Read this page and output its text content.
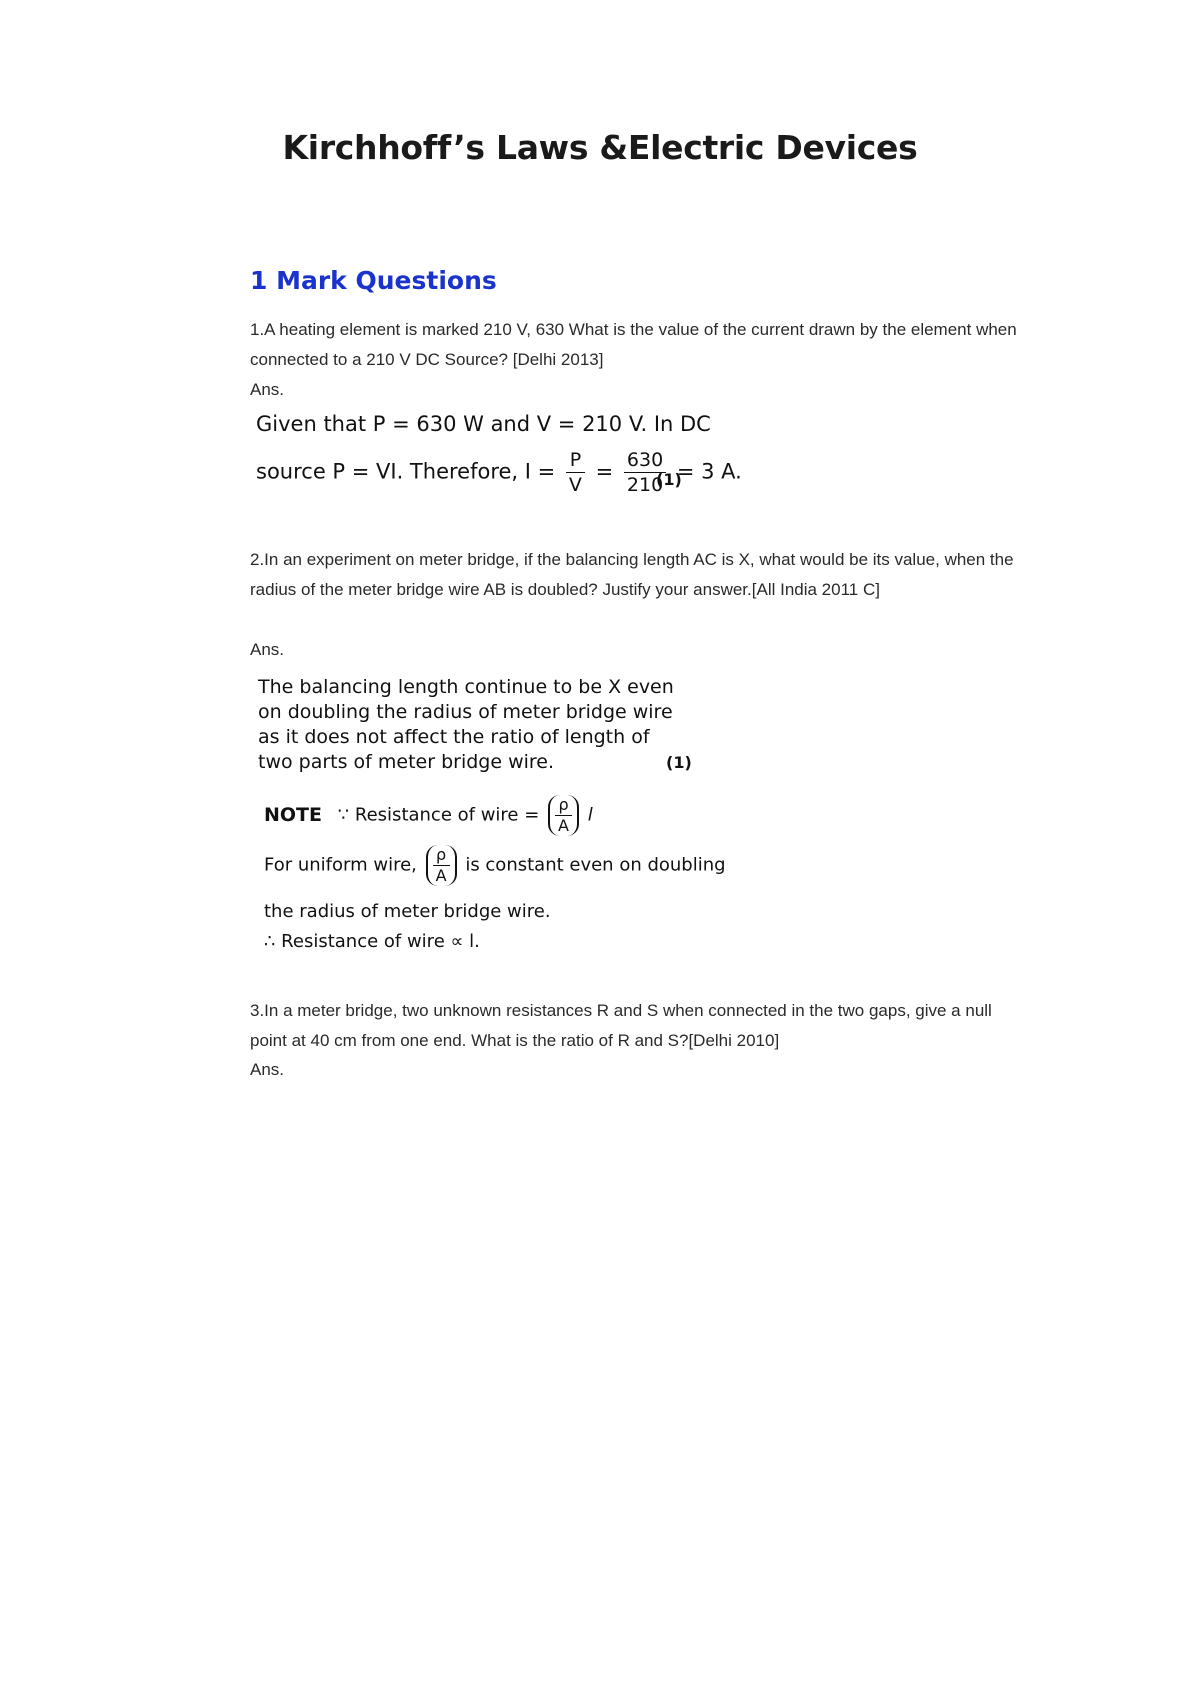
Kirchhoff’s Laws &Electric Devices
1 Mark Questions

1.A heating element is marked 210 V, 630 What is the value of the current drawn by the element when connected to a 210 V DC Source? [Delhi 2013]

Ans.

Given that P = 630 W and V = 210 V. In DC
source P = VI. Therefore, $I = \frac{P}{V} = \frac{630}{210} = 3$ A.
(1)

2.In an experiment on meter bridge, if the balancing length AC is X, what would be its value, when the radius of the meter bridge wire AB is doubled? Justify your answer.[All India 2011 C]

Ans.

The balancing length continue to be X even on doubling the radius of meter bridge wire as it does not affect the ratio of length of two parts of meter bridge wire.	(1)
NOTE ∵ Resistance of wire = $\frac{\rho}{A}$ l
For uniform wire, $\frac{\rho}{A}$ is constant even on doubling
the radius of meter bridge wire.
∴ Resistance of wire ∝ l.

3.In a meter bridge, two unknown resistances R and S when connected in the two gaps, give a null point at 40 cm from one end. What is the ratio of R and S?[Delhi 2010]

Ans.
